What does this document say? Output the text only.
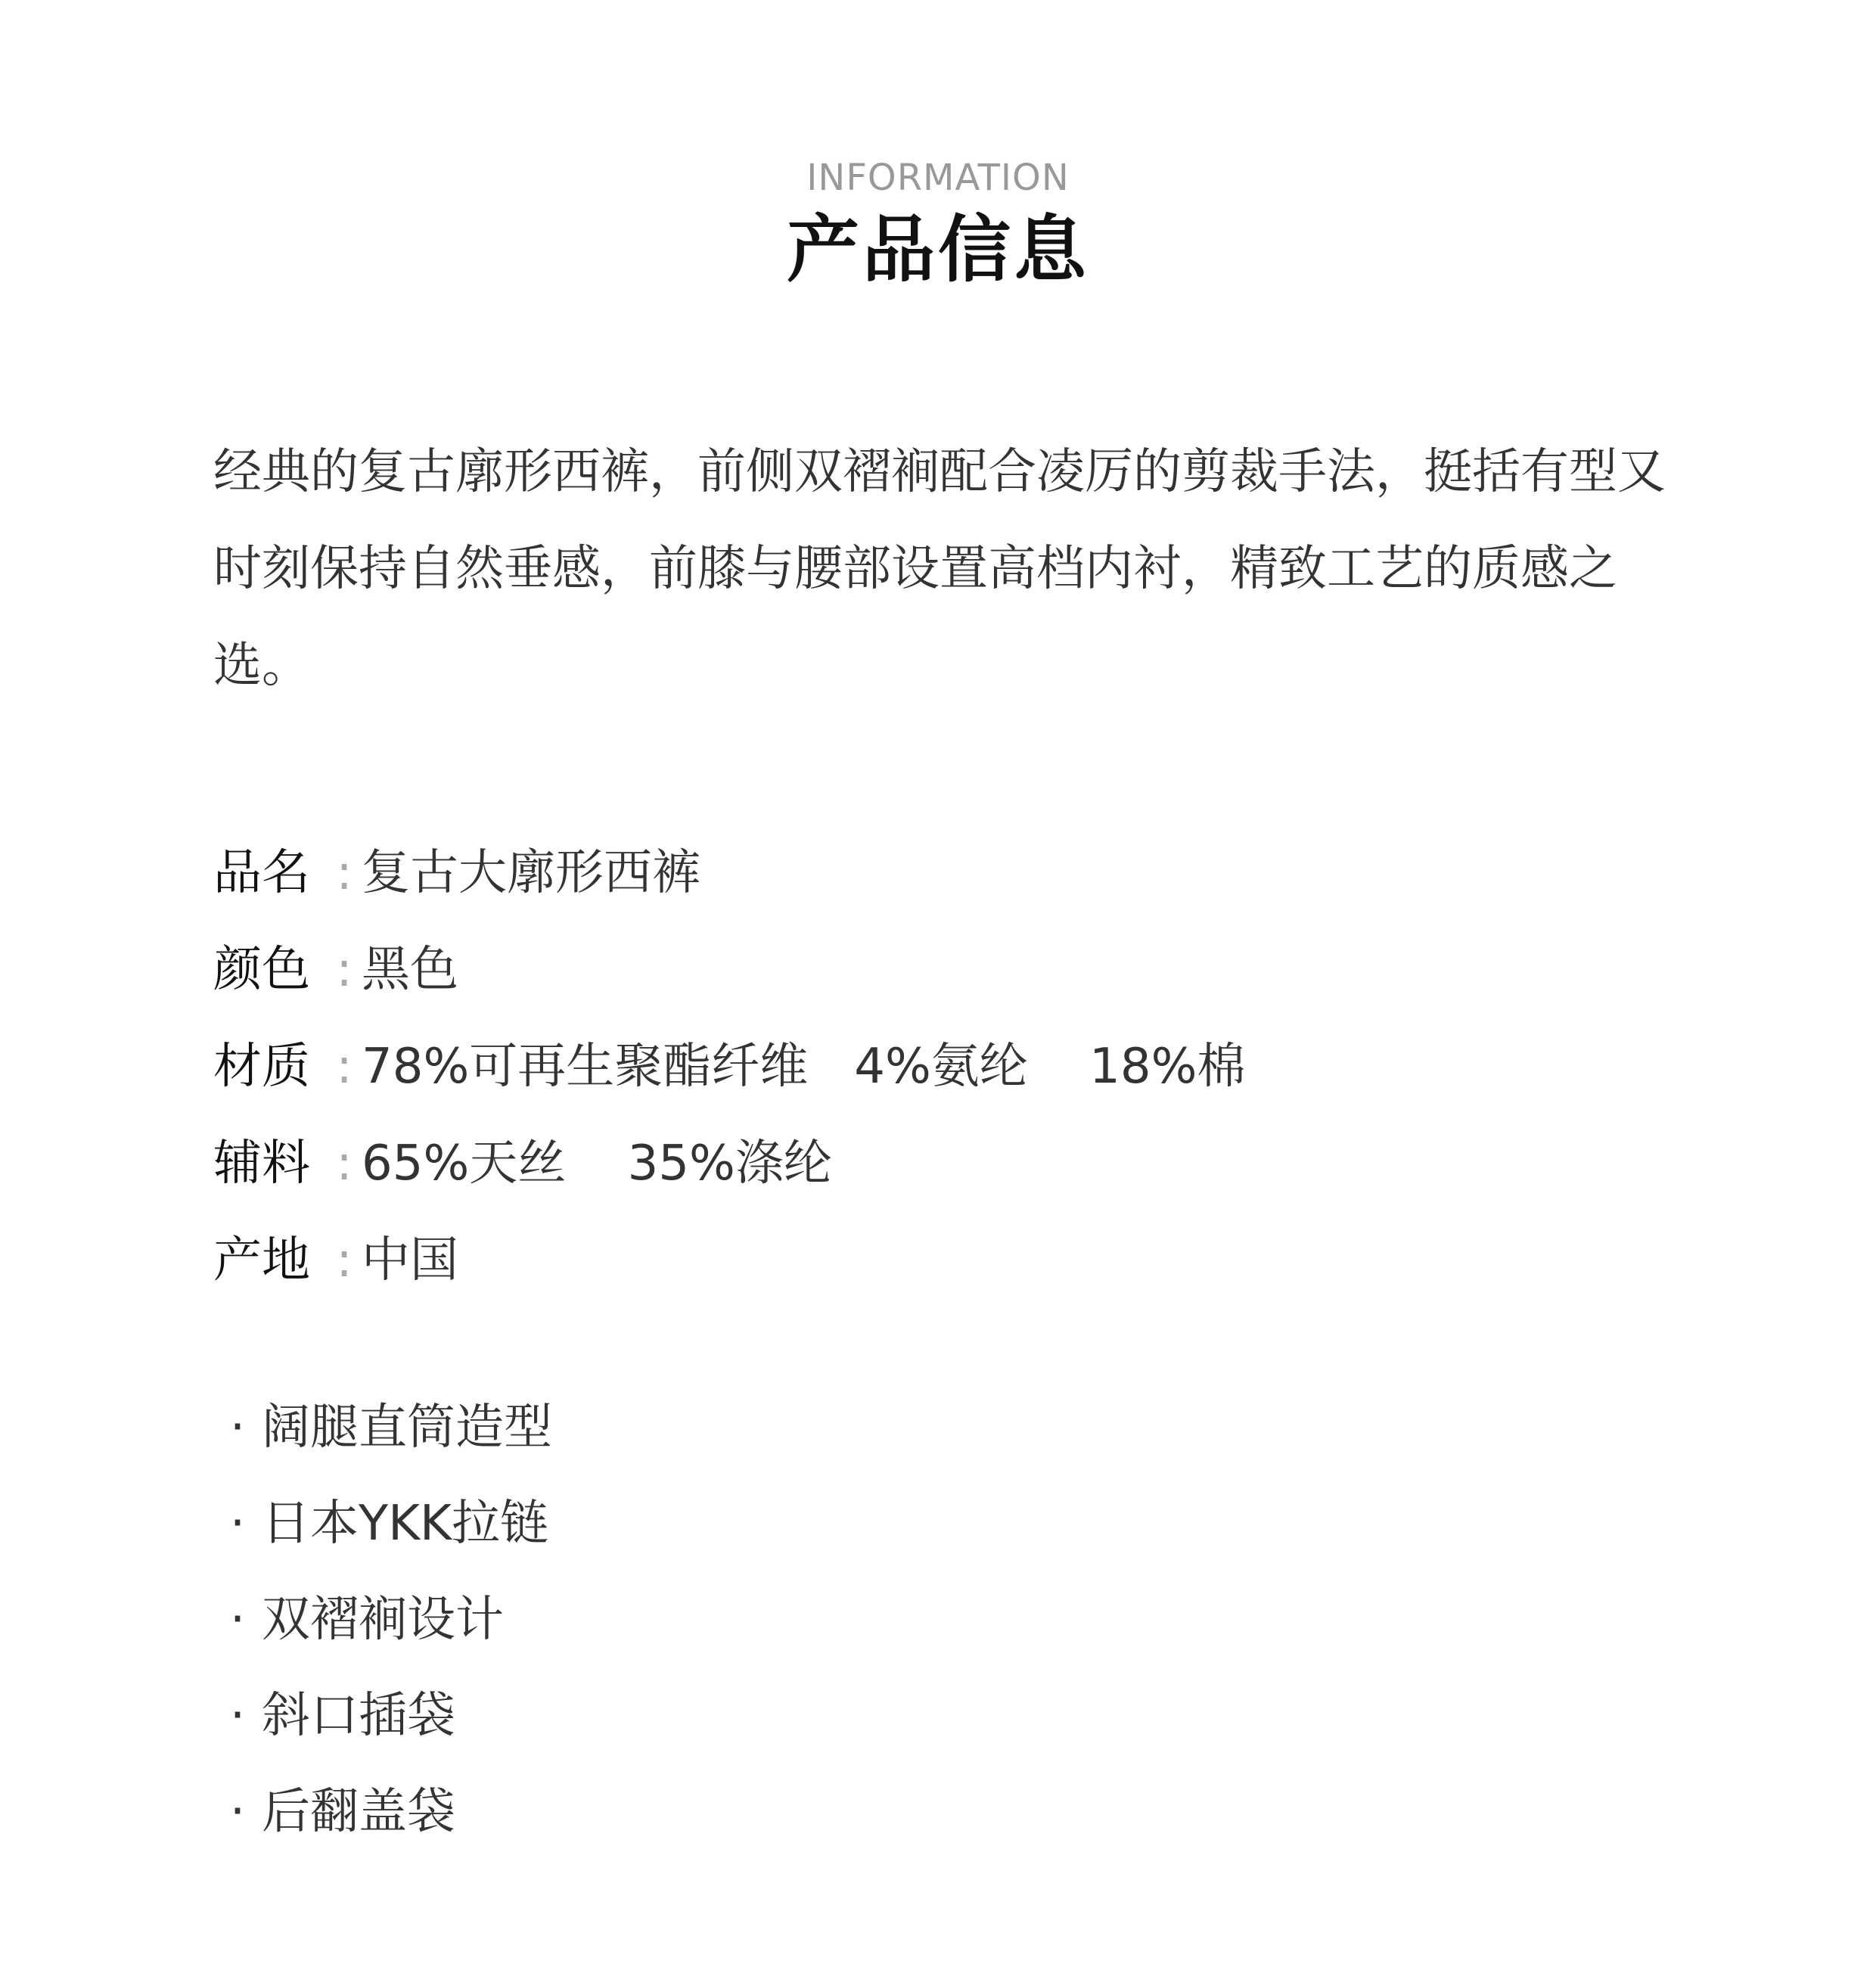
INFORMATION
产品信息

经典的复古廓形西裤，前侧双褶裥配合凌厉的剪裁手法，挺括有型又时刻保持自然垂感，前膝与腰部设置高档内衬，精致工艺的质感之选。

品名 : 复古大廓形西裤
颜色 : 黑色
材质 : 78%可再生聚酯纤维   4%氨纶    18%棉
辅料 : 65%天丝    35%涤纶
产地 : 中国
· 阔腿直筒造型
· 日本YKK拉链
· 双褶裥设计
· 斜口插袋
· 后翻盖袋
